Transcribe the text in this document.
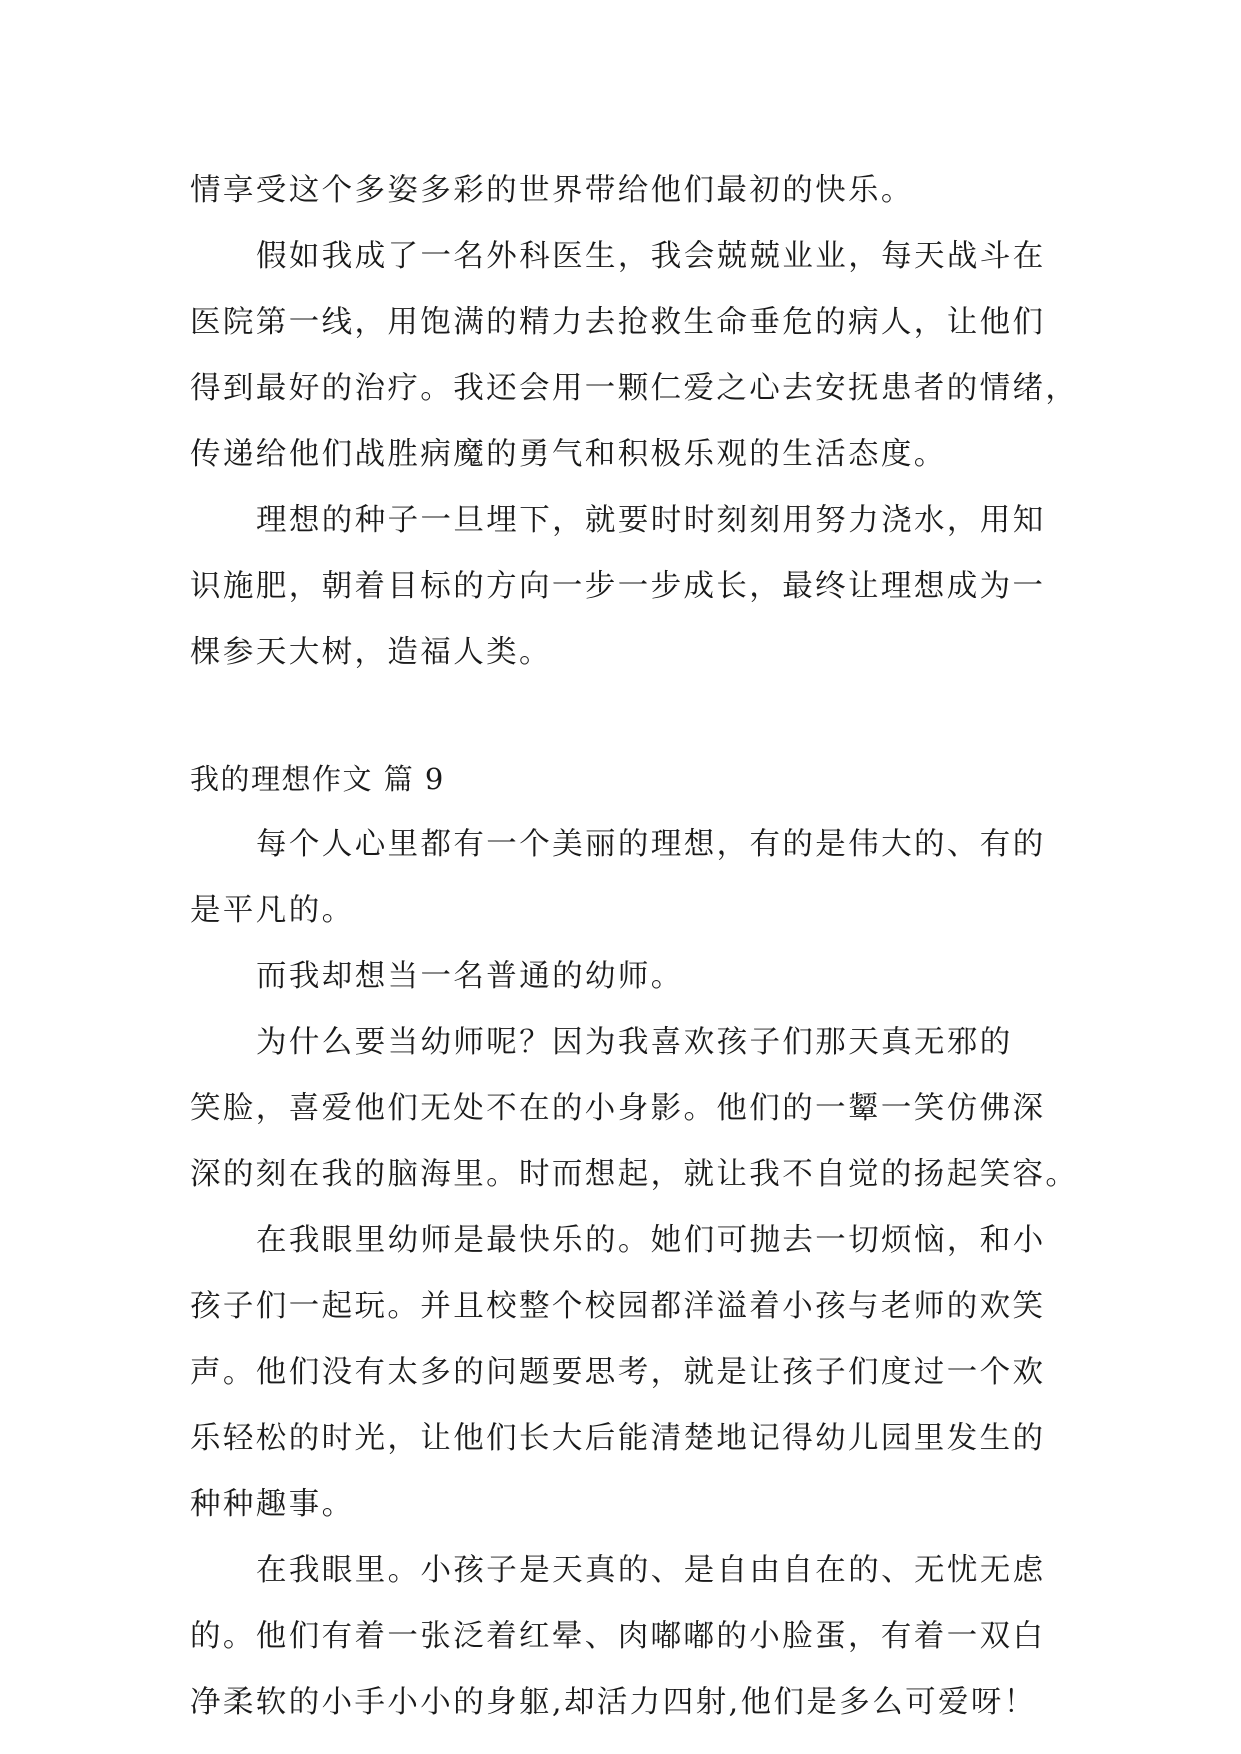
情享受这个多姿多彩的世界带给他们最初的快乐。
假如我成了一名外科医生，我会兢兢业业，每天战斗在
医院第一线，用饱满的精力去抢救生命垂危的病人，让他们
得到最好的治疗。我还会用一颗仁爱之心去安抚患者的情绪，
传递给他们战胜病魔的勇气和积极乐观的生活态度。
理想的种子一旦埋下，就要时时刻刻用努力浇水，用知
识施肥，朝着目标的方向一步一步成长，最终让理想成为一
棵参天大树，造福人类。
我的理想作文 篇 9
每个人心里都有一个美丽的理想，有的是伟大的、有的
是平凡的。
而我却想当一名普通的幼师。
为什么要当幼师呢？因为我喜欢孩子们那天真无邪的
笑脸，喜爱他们无处不在的小身影。他们的一颦一笑仿佛深
深的刻在我的脑海里。时而想起，就让我不自觉的扬起笑容。
在我眼里幼师是最快乐的。她们可抛去一切烦恼，和小
孩子们一起玩。并且校整个校园都洋溢着小孩与老师的欢笑
声。他们没有太多的问题要思考，就是让孩子们度过一个欢
乐轻松的时光，让他们长大后能清楚地记得幼儿园里发生的
种种趣事。
在我眼里。小孩子是天真的、是自由自在的、无忧无虑
的。他们有着一张泛着红晕、肉嘟嘟的小脸蛋，有着一双白
净柔软的小手小小的身躯,却活力四射,他们是多么可爱呀！
